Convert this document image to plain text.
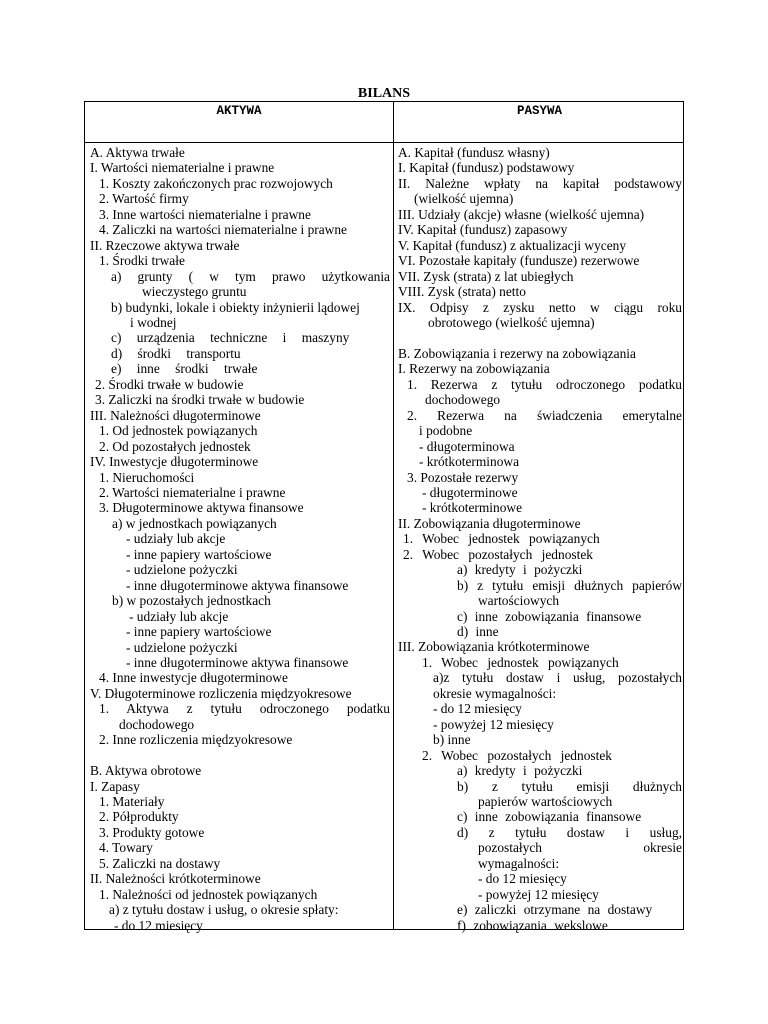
BILANS
AKTYWA	PASYWA
A. Aktywa trwałe
I. Wartości niematerialne i prawne
1. Koszty zakończonych prac rozwojowych
2. Wartość firmy
3. Inne wartości niematerialne i prawne
4. Zaliczki na wartości niematerialne i prawne
II. Rzeczowe aktywa trwałe
1. Środki trwałe
a) grunty ( w tym prawo użytkowania
wieczystego gruntu
b) budynki, lokale i obiekty inżynierii lądowej
i wodnej
c) urządzenia techniczne i maszyny
d) środki transportu
e) inne środki trwałe
2. Środki trwałe w budowie
3. Zaliczki na środki trwałe w budowie
III. Należności długoterminowe
1. Od jednostek powiązanych
2. Od pozostałych jednostek
IV. Inwestycje długoterminowe
1. Nieruchomości
2. Wartości niematerialne i prawne
3. Długoterminowe aktywa finansowe
a) w jednostkach powiązanych
- udziały lub akcje
- inne papiery wartościowe
- udzielone pożyczki
- inne długoterminowe aktywa finansowe
b) w pozostałych jednostkach
- udziały lub akcje
- inne papiery wartościowe
- udzielone pożyczki
- inne długoterminowe aktywa finansowe
4. Inne inwestycje długoterminowe
V. Długoterminowe rozliczenia międzyokresowe
1. Aktywa z tytułu odroczonego podatku
dochodowego
2. Inne rozliczenia międzyokresowe
B. Aktywa obrotowe
I. Zapasy
1. Materiały
2. Półprodukty
3. Produkty gotowe
4. Towary
5. Zaliczki na dostawy
II. Należności krótkoterminowe
1. Należności od jednostek powiązanych
a) z tytułu dostaw i usług, o okresie spłaty:
- do 12 miesięcy
A. Kapitał (fundusz własny)
I. Kapitał (fundusz) podstawowy
II. Należne wpłaty na kapitał podstawowy
(wielkość ujemna)
III. Udziały (akcje) własne (wielkość ujemna)
IV. Kapitał (fundusz) zapasowy
V. Kapitał (fundusz) z aktualizacji wyceny
VI. Pozostałe kapitały (fundusze) rezerwowe
VII. Zysk (strata) z lat ubiegłych
VIII. Zysk (strata) netto
IX. Odpisy z zysku netto w ciągu roku
obrotowego (wielkość ujemna)
B. Zobowiązania i rezerwy na zobowiązania
I. Rezerwy na zobowiązania
1. Rezerwa z tytułu odroczonego podatku
dochodowego
2. Rezerwa na świadczenia emerytalne
i podobne
- długoterminowa
- krótkoterminowa
3. Pozostałe rezerwy
- długoterminowe
- krótkoterminowe
II. Zobowiązania długoterminowe
1. Wobec jednostek powiązanych
2. Wobec pozostałych jednostek
a) kredyty i pożyczki
b) z tytułu emisji dłużnych papierów
wartościowych
c) inne zobowiązania finansowe
d) inne
III. Zobowiązania krótkoterminowe
1. Wobec jednostek powiązanych
a)z tytułu dostaw i usług, pozostałych
okresie wymagalności:
- do 12 miesięcy
- powyżej 12 miesięcy
b) inne
2. Wobec pozostałych jednostek
a) kredyty i pożyczki
b) z tytułu emisji dłużnych
papierów wartościowych
c) inne zobowiązania finansowe
d) z tytułu dostaw i usług,
pozostałych okresie
wymagalności:
- do 12 miesięcy
- powyżej 12 miesięcy
e) zaliczki otrzymane na dostawy
f) zobowiązania wekslowe
